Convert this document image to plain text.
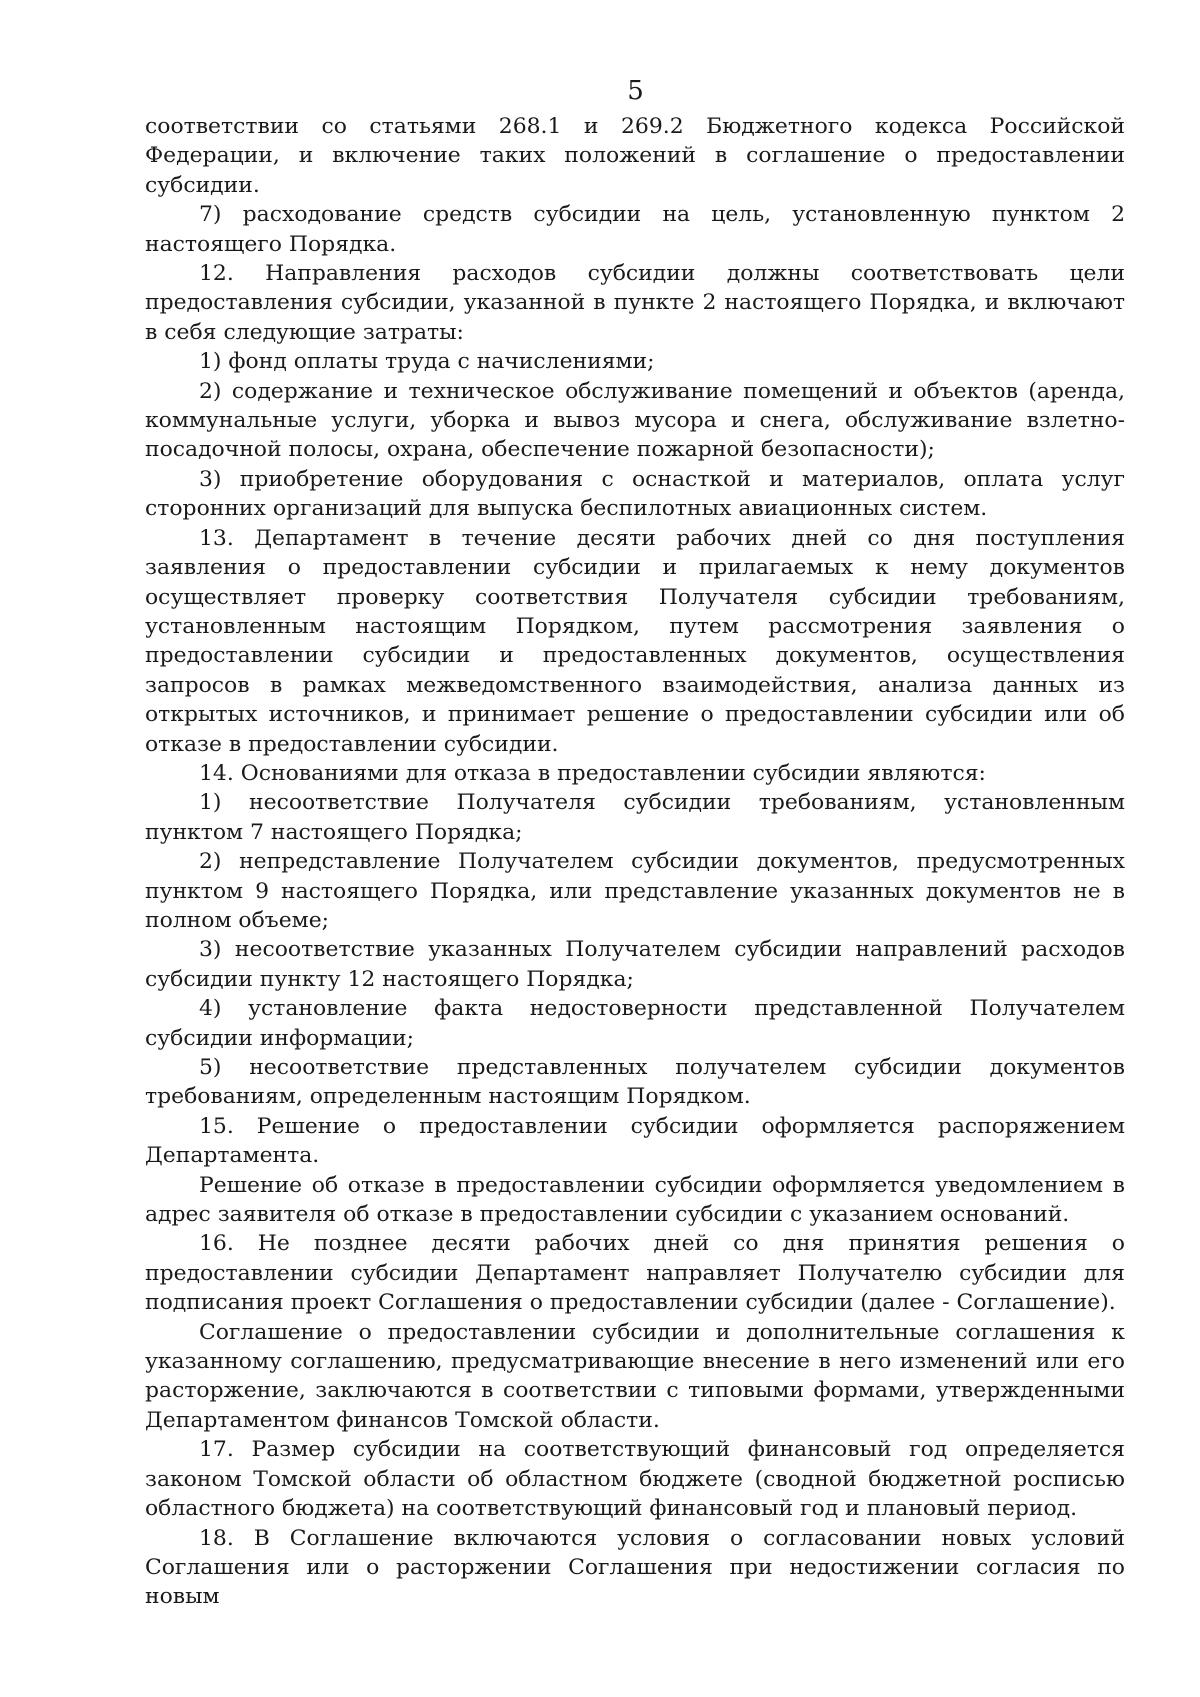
5

соответствии со статьями 268.1 и 269.2 Бюджетного кодекса Российской Федерации, и включение таких положений в соглашение о предоставлении субсидии.

7) расходование средств субсидии на цель, установленную пунктом 2 настоящего Порядка.

12. Направления расходов субсидии должны соответствовать цели предоставления субсидии, указанной в пункте 2 настоящего Порядка, и включают в себя следующие затраты:

1) фонд оплаты труда с начислениями;

2) содержание и техническое обслуживание помещений и объектов (аренда, коммунальные услуги, уборка и вывоз мусора и снега, обслуживание взлетно-посадочной полосы, охрана, обеспечение пожарной безопасности);

3) приобретение оборудования с оснасткой и материалов, оплата услуг сторонних организаций для выпуска беспилотных авиационных систем.

13. Департамент в течение десяти рабочих дней со дня поступления заявления о предоставлении субсидии и прилагаемых к нему документов осуществляет проверку соответствия Получателя субсидии требованиям, установленным настоящим Порядком, путем рассмотрения заявления о предоставлении субсидии и предоставленных документов, осуществления запросов в рамках межведомственного взаимодействия, анализа данных из открытых источников, и принимает решение о предоставлении субсидии или об отказе в предоставлении субсидии.

14. Основаниями для отказа в предоставлении субсидии являются:

1) несоответствие Получателя субсидии требованиям, установленным пунктом 7 настоящего Порядка;

2) непредставление Получателем субсидии документов, предусмотренных пунктом 9 настоящего Порядка, или представление указанных документов не в полном объеме;

3) несоответствие указанных Получателем субсидии направлений расходов субсидии пункту 12 настоящего Порядка;

4) установление факта недостоверности представленной Получателем субсидии информации;

5) несоответствие представленных получателем субсидии документов требованиям, определенным настоящим Порядком.

15. Решение о предоставлении субсидии оформляется распоряжением Департамента.

Решение об отказе в предоставлении субсидии оформляется уведомлением в адрес заявителя об отказе в предоставлении субсидии с указанием оснований.

16. Не позднее десяти рабочих дней со дня принятия решения о предоставлении субсидии Департамент направляет Получателю субсидии для подписания проект Соглашения о предоставлении субсидии (далее - Соглашение).

Соглашение о предоставлении субсидии и дополнительные соглашения к указанному соглашению, предусматривающие внесение в него изменений или его расторжение, заключаются в соответствии с типовыми формами, утвержденными Департаментом финансов Томской области.

17. Размер субсидии на соответствующий финансовый год определяется законом Томской области об областном бюджете (сводной бюджетной росписью областного бюджета) на соответствующий финансовый год и плановый период.

18. В Соглашение включаются условия о согласовании новых условий Соглашения или о расторжении Соглашения при недостижении согласия по новым
